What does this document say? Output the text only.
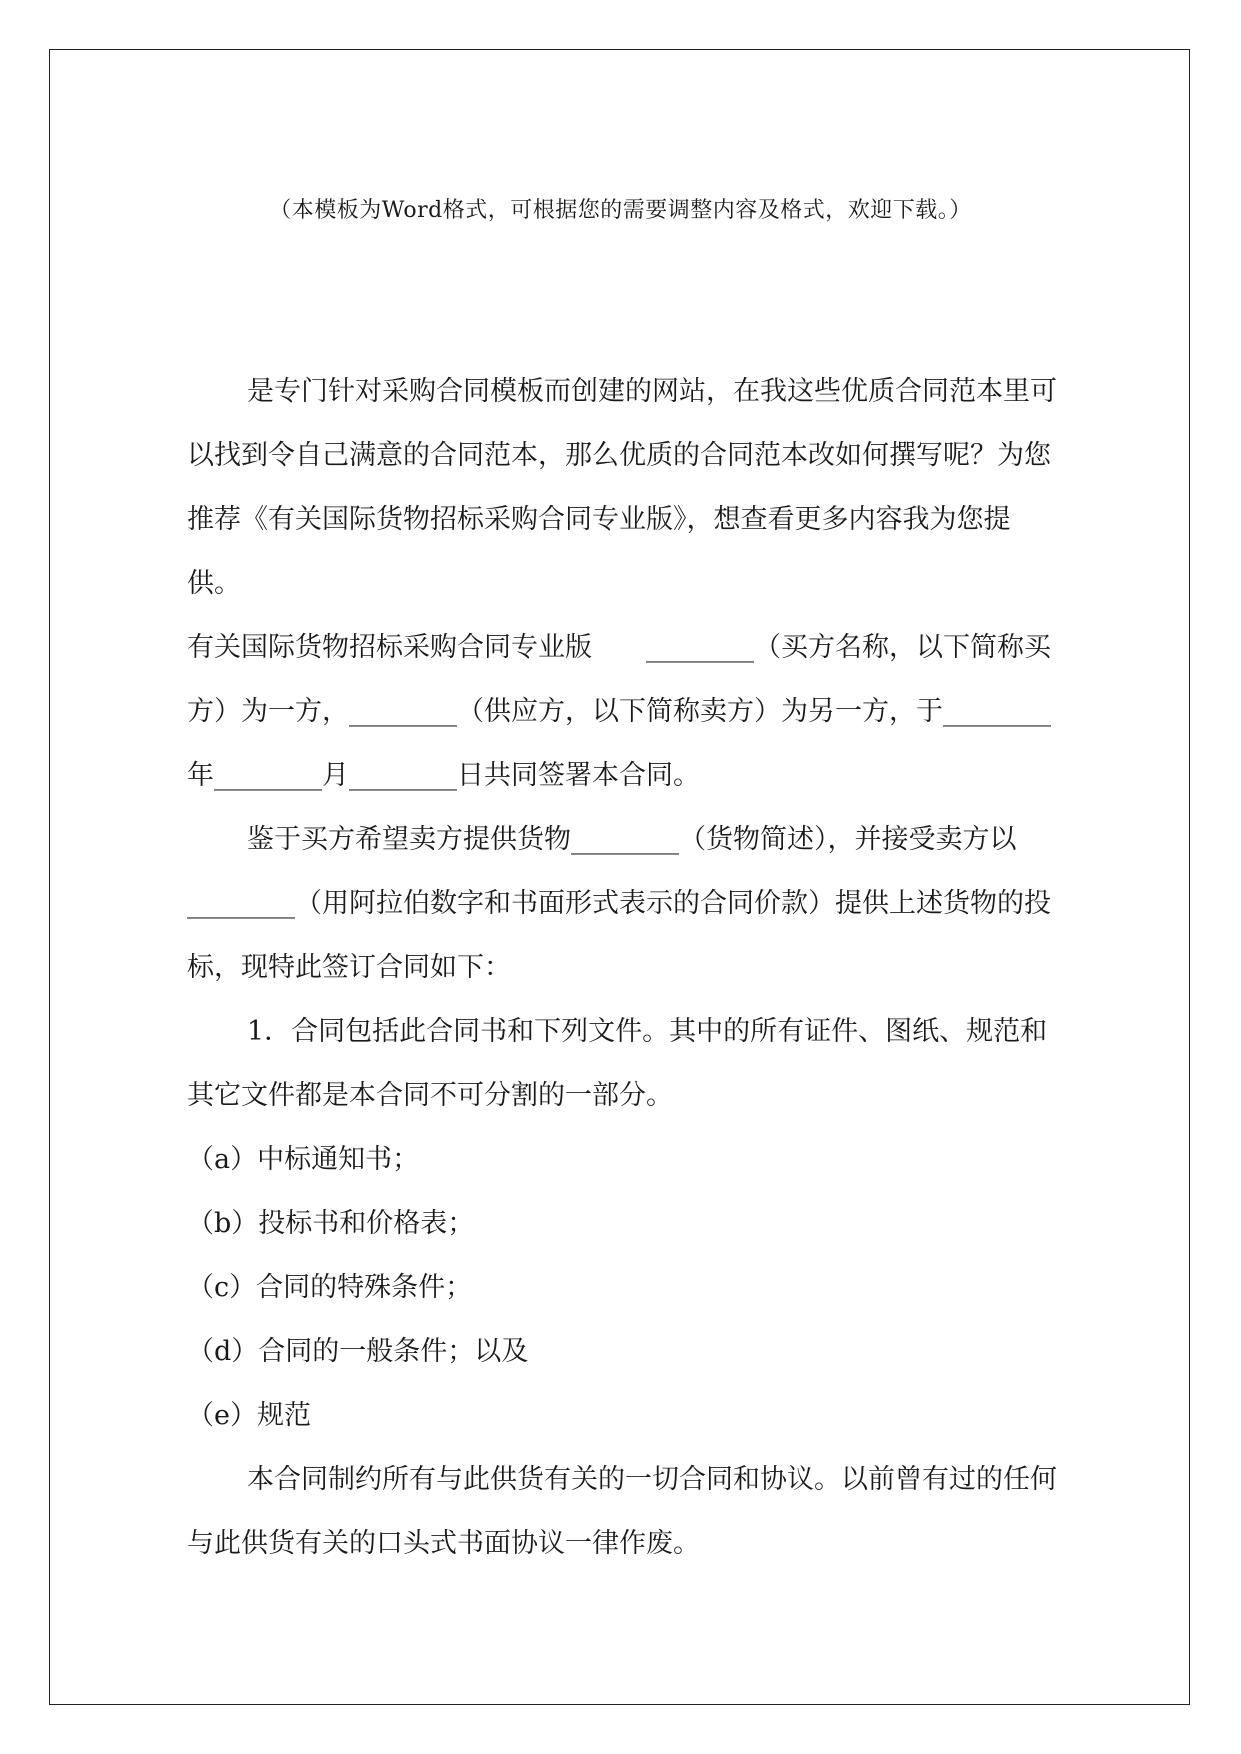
（本模板为Word格式，可根据您的需要调整内容及格式，欢迎下载。）

是专门针对采购合同模板而创建的网站，在我这些优质合同范本里可以找到令自己满意的合同范本，那么优质的合同范本改如何撰写呢？为您推荐《有关国际货物招标采购合同专业版》，想查看更多内容我为您提供。

有关国际货物招标采购合同专业版　　________（买方名称，以下简称买方）为一方，________（供应方，以下简称卖方）为另一方，于________年________月________日共同签署本合同。

鉴于买方希望卖方提供货物________（货物简述），并接受卖方以________（用阿拉伯数字和书面形式表示的合同价款）提供上述货物的投标，现特此签订合同如下：

1．合同包括此合同书和下列文件。其中的所有证件、图纸、规范和其它文件都是本合同不可分割的一部分。

（a）中标通知书；

（b）投标书和价格表；

（c）合同的特殊条件；

（d）合同的一般条件；以及

（e）规范

本合同制约所有与此供货有关的一切合同和协议。以前曾有过的任何与此供货有关的口头式书面协议一律作废。
